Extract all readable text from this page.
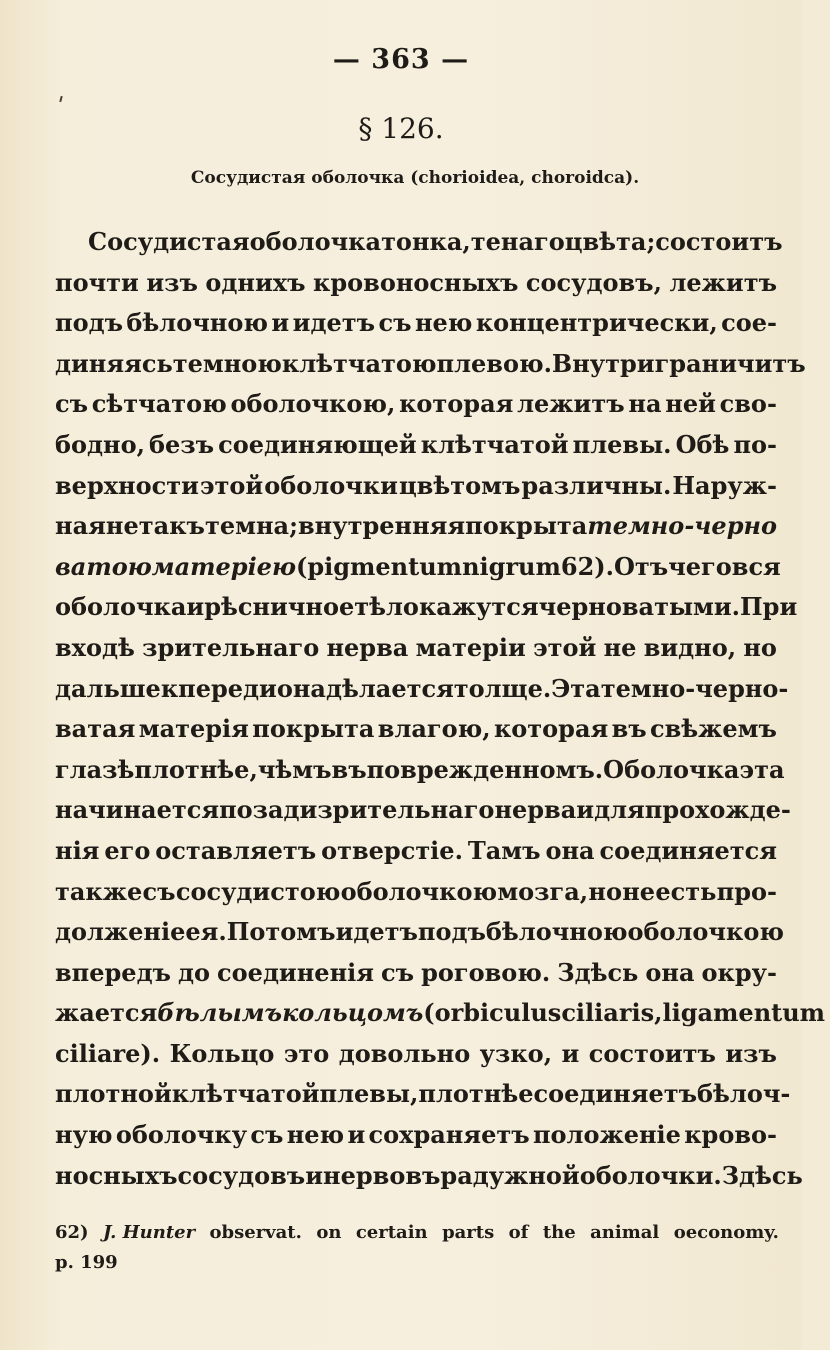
— 363 —
§ 126.
Сосудистая оболочка (chorioidea, choroidca).
Сосудистая оболочка тонка, те наго цвѣта; состоитъ
почти изъ однихъ кровоносныхъ сосудовъ, лежитъ
подъ бѣлочною и идетъ съ нею концентрически, сое-
диняясь темною клѣтчатою плевою. Внутри граничитъ
съ сѣтчатою оболочкою, которая лежитъ на ней сво-
бодно, безъ соединяющей клѣтчатой плевы. Обѣ по-
верхности этой оболочки цвѣтомъ различны. Наруж-
ная не такъ темна; внутренняя покрыта темно-черно
ватою матерiею (pigmentum nigrum 62). Отъ чего вся
оболочка и рѣсничное тѣло кажутся черноватыми. При
входѣ зрительнаго нерва матерiи этой не видно, но
дальше кпереди она дѣлается толще. Эта темно-черно-
ватая матерiя покрыта влагою, которая въ свѣжемъ
глазѣ плотнѣе, чѣмъ въ поврежденномъ. Оболочка эта
начинается позади зрительнаго нерва и для прохожде-
нiя его оставляетъ отверстiе. Тамъ она соединяется
также съ сосудистою оболочкою мозга, но не есть про-
долженiе ея. Потомъ идетъ подъ бѣлочною оболочкою
впередъ до соединенiя съ роговою. Здѣсь она окру-
жается бѣлымъ кольцомъ (orbiculus ciliaris, ligamentum
ciliare). Кольцо это довольно узко, и состоитъ изъ
плотной клѣтчатой плевы, плотнѣе соединяетъ бѣлоч-
ную оболочку съ нею и сохраняетъ положенiе крово-
носныхъ сосудовъ и нервовъ радужной оболочки.Здѣсь
62) J. Hunter observat. on certain parts of the animal oeconomy.
p. 199
